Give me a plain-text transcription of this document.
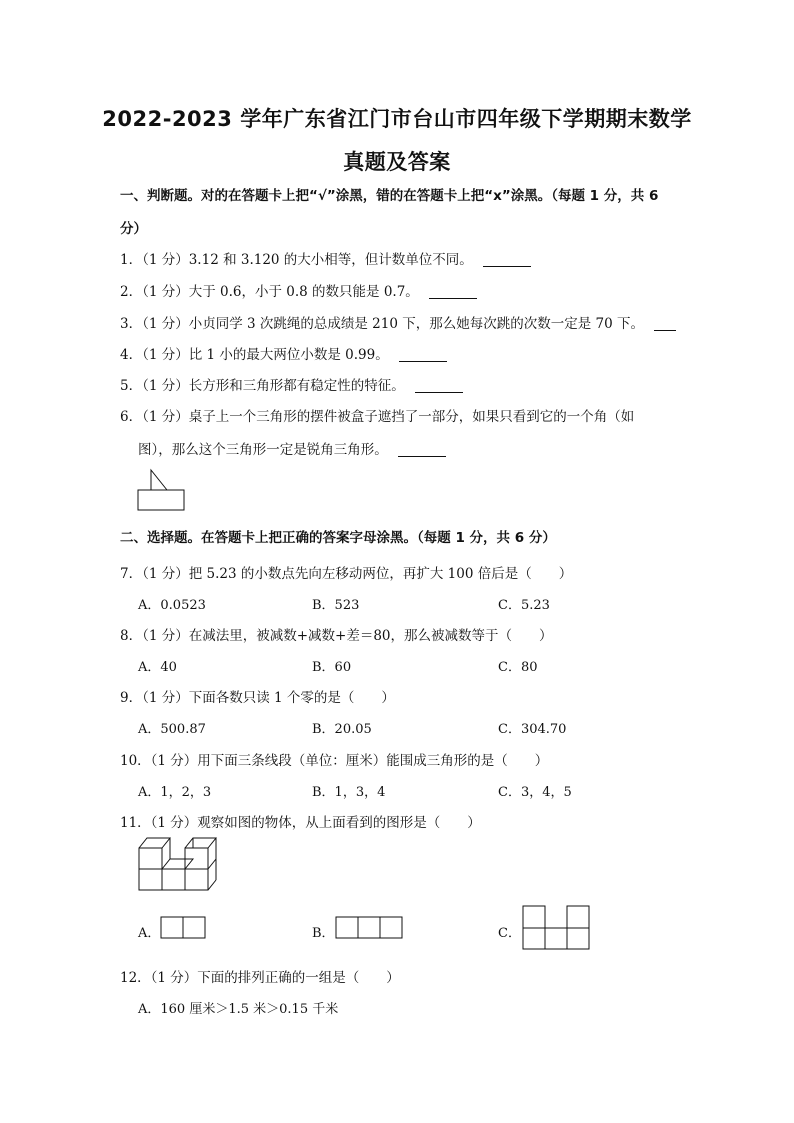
2022-2023 学年广东省江门市台山市四年级下学期期末数学
真题及答案
一、判断题。对的在答题卡上把“√”涂黑，错的在答题卡上把“x”涂黑。（每题 1 分，共 6 分）
1．（1 分）3.12 和 3.120 的大小相等，但计数单位不同。
2．（1 分）大于 0.6，小于 0.8 的数只能是 0.7。
3．（1 分）小贞同学 3 次跳绳的总成绩是 210 下，那么她每次跳的次数一定是 70 下。
4．（1 分）比 1 小的最大两位小数是 0.99。
5．（1 分）长方形和三角形都有稳定性的特征。
6．（1 分）桌子上一个三角形的摆件被盒子遮挡了一部分，如果只看到它的一个角（如
图），那么这个三角形一定是锐角三角形。
二、选择题。在答题卡上把正确的答案字母涂黑。（每题 1 分，共 6 分）
7．（1 分）把 5.23 的小数点先向左移动两位，再扩大 100 倍后是（　　）
A．0.0523	B．523	C．5.23
8．（1 分）在减法里，被减数+减数+差＝80，那么被减数等于（　　）
A．40	B．60	C．80
9．（1 分）下面各数只读 1 个零的是（　　）
A．500.87	B．20.05	C．304.70
10．（1 分）用下面三条线段（单位：厘米）能围成三角形的是（　　）
A．1，2，3	B．1，3，4	C．3，4，5
11．（1 分）观察如图的物体，从上面看到的图形是（　　）
A．	B．	C．
12．（1 分）下面的排列正确的一组是（　　）
A．160 厘米＞1.5 米＞0.15 千米
